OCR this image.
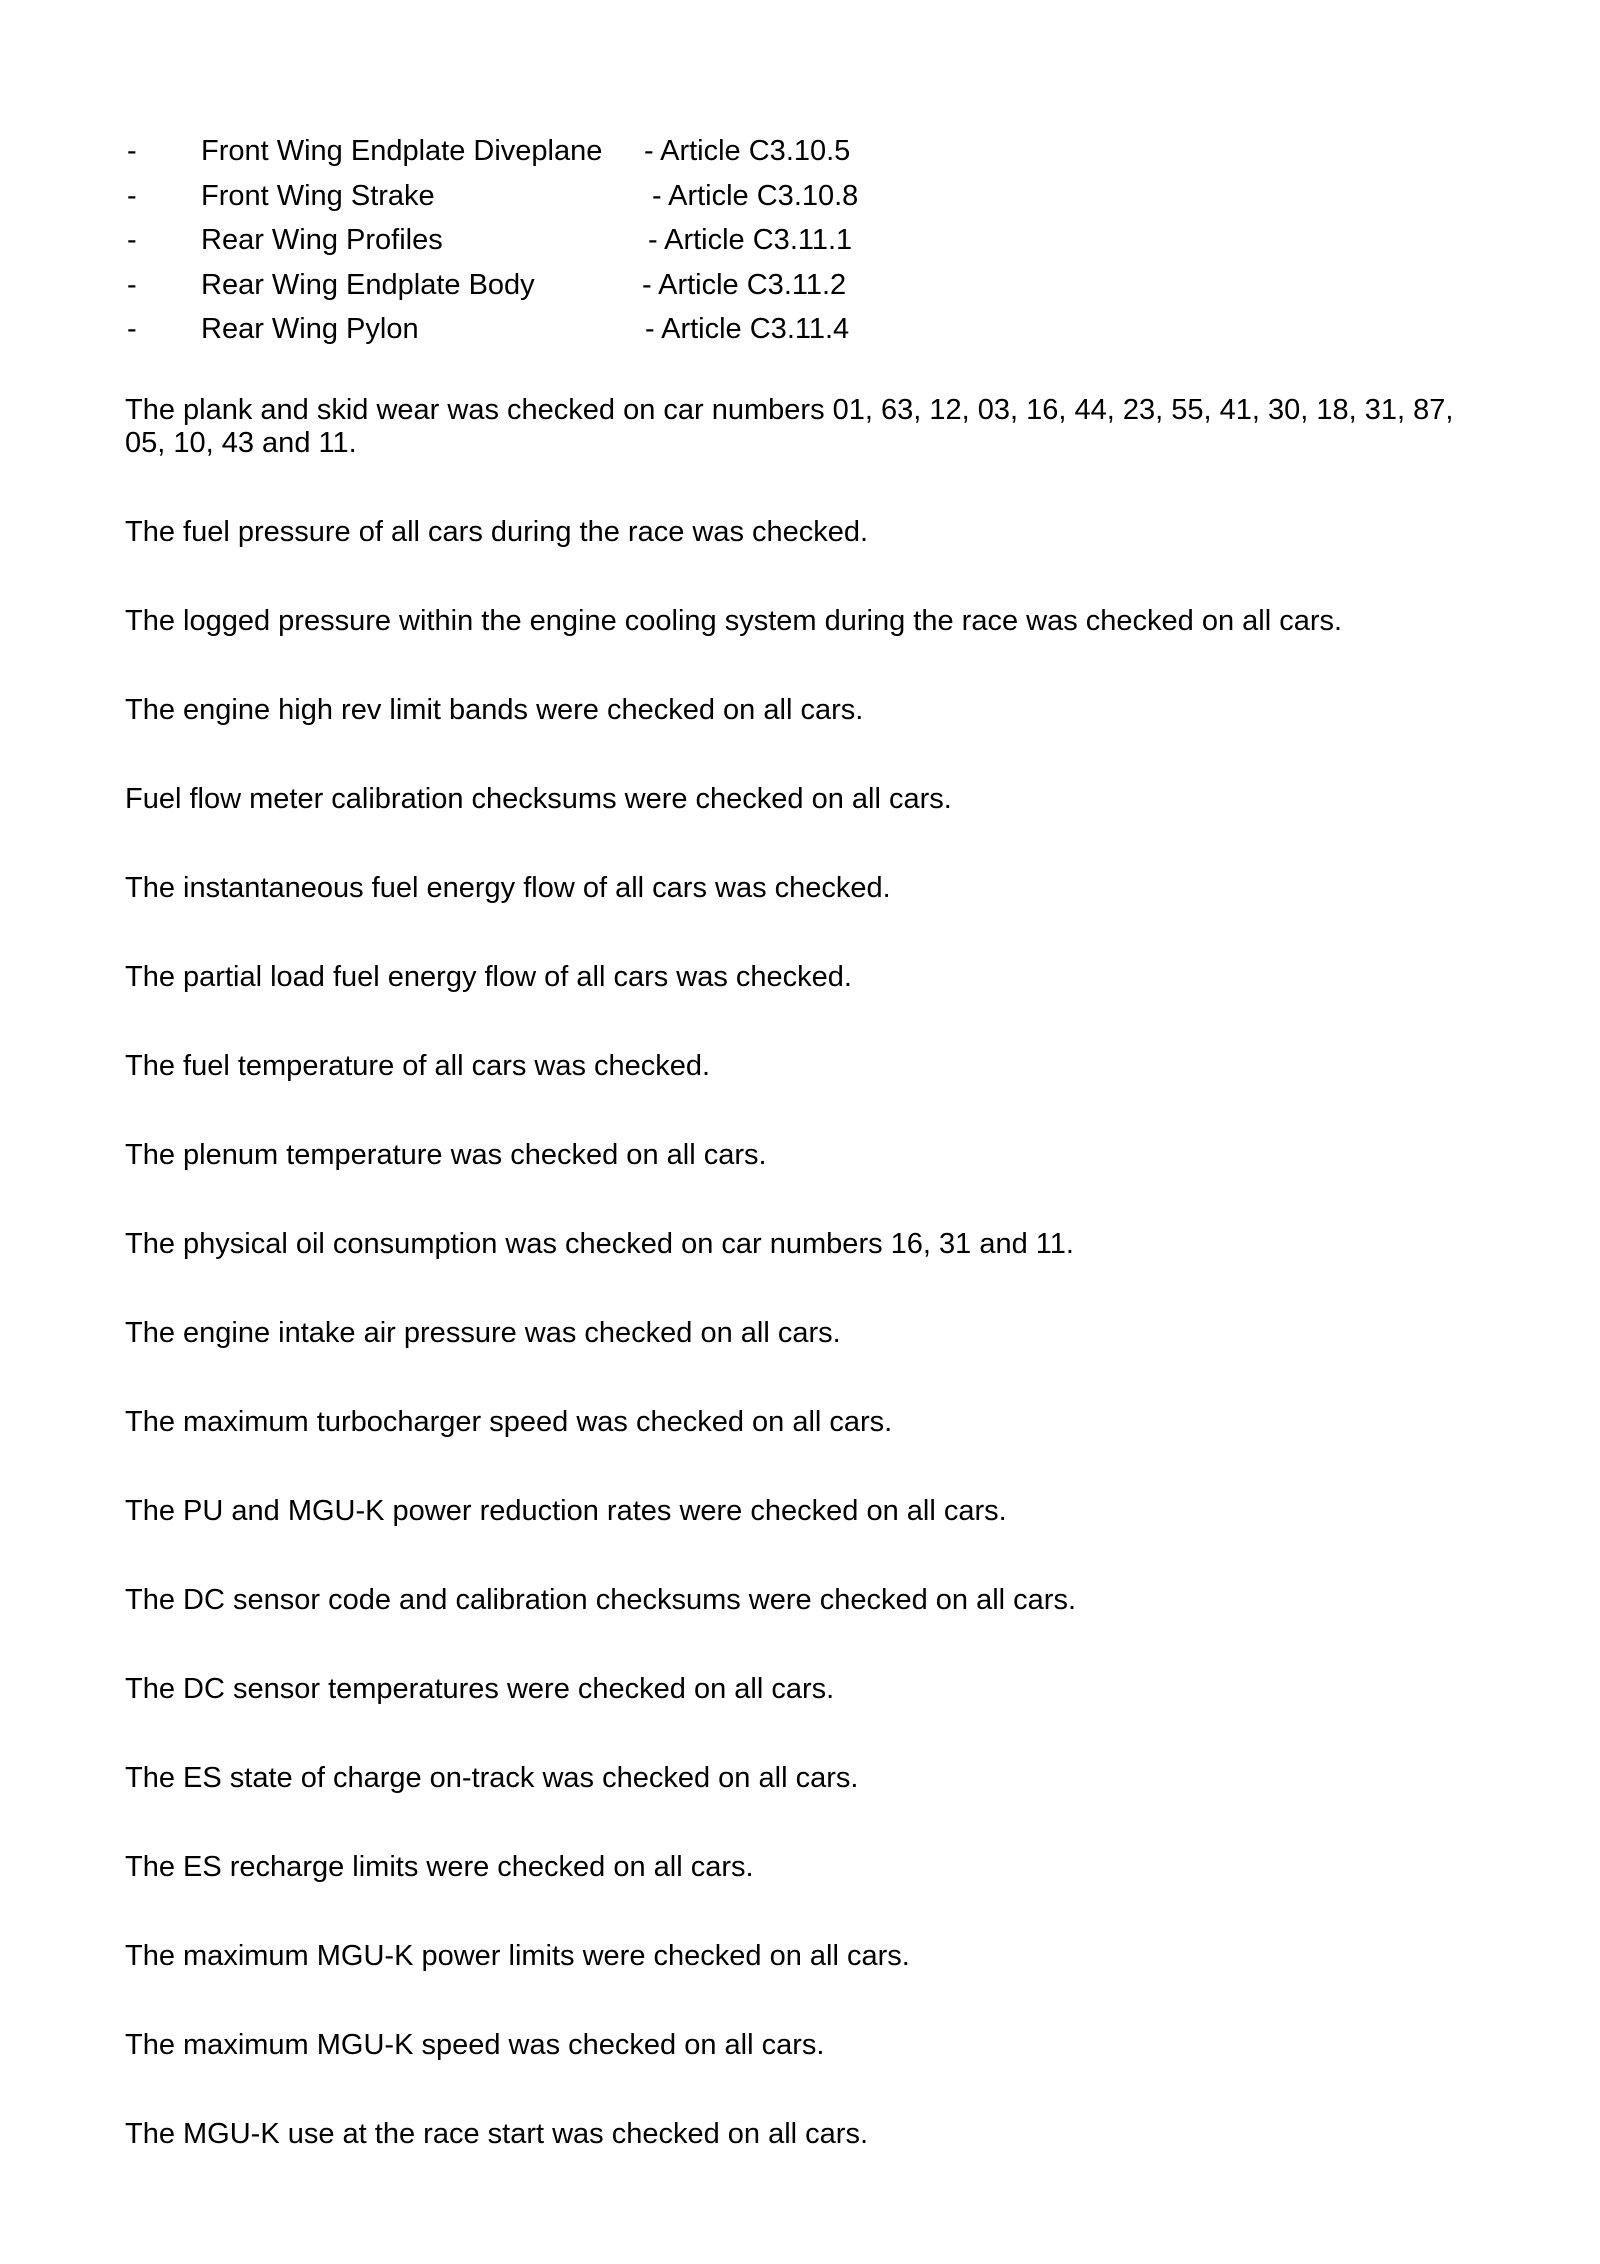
- Front Wing Endplate Diveplane - Article C3.10.5
- Front Wing Strake	- Article C3.10.8
- Rear Wing Profiles	- Article C3.11.1
- Rear Wing Endplate Body	- Article C3.11.2
- Rear Wing Pylon	- Article C3.11.4

The plank and skid wear was checked on car numbers 01, 63, 12, 03, 16, 44, 23, 55, 41, 30, 18, 31, 87, 05, 10, 43 and 11.

The fuel pressure of all cars during the race was checked.

The logged pressure within the engine cooling system during the race was checked on all cars.

The engine high rev limit bands were checked on all cars.

Fuel flow meter calibration checksums were checked on all cars.

The instantaneous fuel energy flow of all cars was checked.

The partial load fuel energy flow of all cars was checked.

The fuel temperature of all cars was checked.

The plenum temperature was checked on all cars.

The physical oil consumption was checked on car numbers 16, 31 and 11.

The engine intake air pressure was checked on all cars.

The maximum turbocharger speed was checked on all cars.

The PU and MGU-K power reduction rates were checked on all cars.

The DC sensor code and calibration checksums were checked on all cars.

The DC sensor temperatures were checked on all cars.

The ES state of charge on-track was checked on all cars.

The ES recharge limits were checked on all cars.

The maximum MGU-K power limits were checked on all cars.

The maximum MGU-K speed was checked on all cars.

The MGU-K use at the race start was checked on all cars.
